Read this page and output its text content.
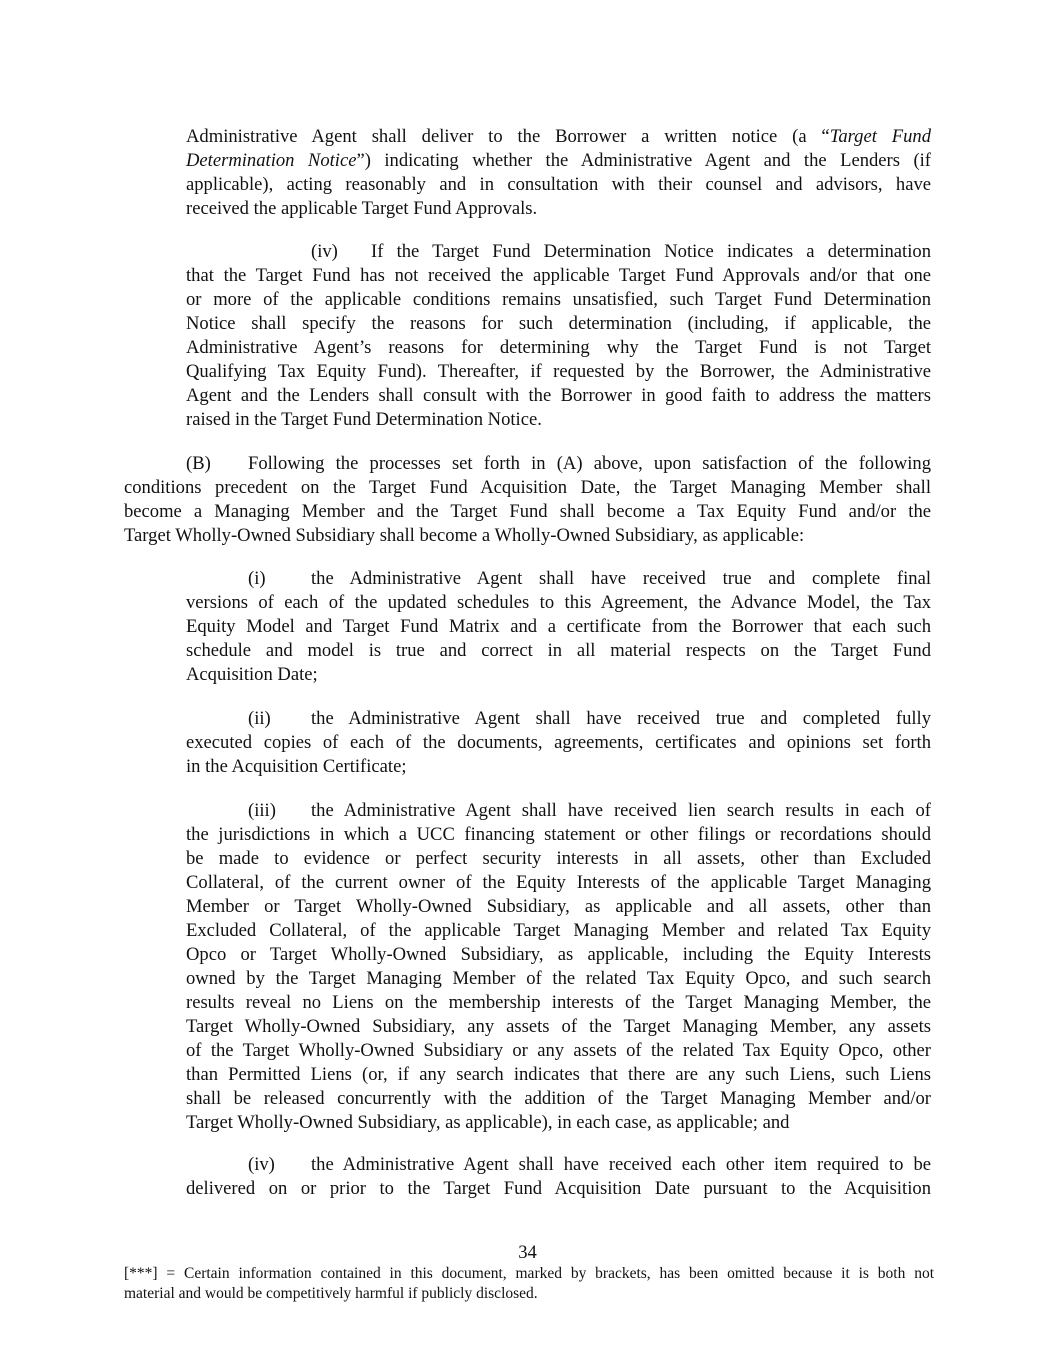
Administrative Agent shall deliver to the Borrower a written notice (a “Target Fund
Determination Notice”) indicating whether the Administrative Agent and the Lenders (if
applicable), acting reasonably and in consultation with their counsel and advisors, have
received the applicable Target Fund Approvals.
(iv) If the Target Fund Determination Notice indicates a determination
that the Target Fund has not received the applicable Target Fund Approvals and/or that one
or more of the applicable conditions remains unsatisfied, such Target Fund Determination
Notice shall specify the reasons for such determination (including, if applicable, the
Administrative Agent’s reasons for determining why the Target Fund is not Target
Qualifying Tax Equity Fund). Thereafter, if requested by the Borrower, the Administrative
Agent and the Lenders shall consult with the Borrower in good faith to address the matters
raised in the Target Fund Determination Notice.
(B) Following the processes set forth in (A) above, upon satisfaction of the following
conditions precedent on the Target Fund Acquisition Date, the Target Managing Member shall
become a Managing Member and the Target Fund shall become a Tax Equity Fund and/or the
Target Wholly-Owned Subsidiary shall become a Wholly-Owned Subsidiary, as applicable:
(i) the Administrative Agent shall have received true and complete final
versions of each of the updated schedules to this Agreement, the Advance Model, the Tax
Equity Model and Target Fund Matrix and a certificate from the Borrower that each such
schedule and model is true and correct in all material respects on the Target Fund
Acquisition Date;
(ii) the Administrative Agent shall have received true and completed fully
executed copies of each of the documents, agreements, certificates and opinions set forth
in the Acquisition Certificate;
(iii) the Administrative Agent shall have received lien search results in each of
the jurisdictions in which a UCC financing statement or other filings or recordations should
be made to evidence or perfect security interests in all assets, other than Excluded
Collateral, of the current owner of the Equity Interests of the applicable Target Managing
Member or Target Wholly-Owned Subsidiary, as applicable and all assets, other than
Excluded Collateral, of the applicable Target Managing Member and related Tax Equity
Opco or Target Wholly-Owned Subsidiary, as applicable, including the Equity Interests
owned by the Target Managing Member of the related Tax Equity Opco, and such search
results reveal no Liens on the membership interests of the Target Managing Member, the
Target Wholly-Owned Subsidiary, any assets of the Target Managing Member, any assets
of the Target Wholly-Owned Subsidiary or any assets of the related Tax Equity Opco, other
than Permitted Liens (or, if any search indicates that there are any such Liens, such Liens
shall be released concurrently with the addition of the Target Managing Member and/or
Target Wholly-Owned Subsidiary, as applicable), in each case, as applicable; and
(iv) the Administrative Agent shall have received each other item required to be
delivered on or prior to the Target Fund Acquisition Date pursuant to the Acquisition
34
[***] = Certain information contained in this document, marked by brackets, has been omitted because it is both not
material and would be competitively harmful if publicly disclosed.
